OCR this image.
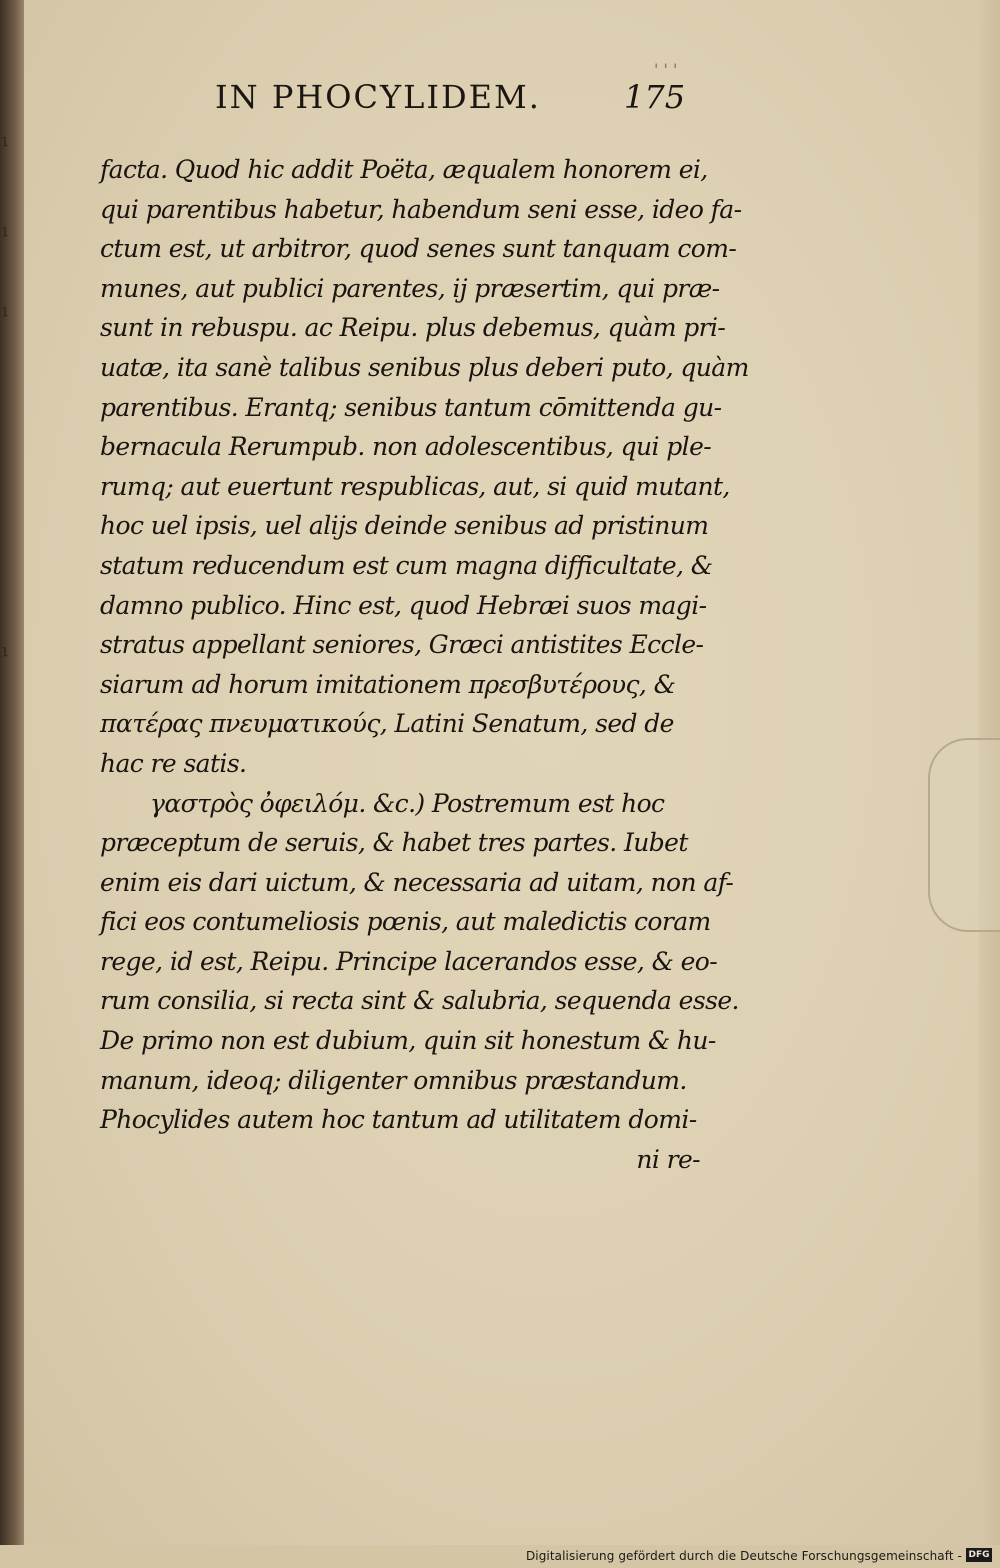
ı
ı
ı
ı
' ' '
IN PHOCYLIDEM.	175
facta. Quod hic addit Poëta, æqualem honorem ei,
qui parentibus habetur, habendum seni esse, ideo fa-
ctum est, ut arbitror, quod senes sunt tanquam com-
munes, aut publici parentes, ij præsertim, qui præ-
sunt in rebuspu. ac Reipu. plus debemus, quàm pri-
uatæ, ita sanè talibus senibus plus deberi puto, quàm
parentibus. Erantq; senibus tantum cōmittenda gu-
bernacula Rerumpub. non adolescentibus, qui ple-
rumq; aut euertunt respublicas, aut, si quid mutant,
hoc uel ipsis, uel alijs deinde senibus ad pristinum
statum reducendum est cum magna difficultate, &
damno publico. Hinc est, quod Hebræi suos magi-
stratus appellant seniores, Græci antistites Eccle-
siarum ad horum imitationem πρεσβυτέρους, &
πατέρας πνευματικούς, Latini Senatum, sed de
hac re satis.
γαστρὸς ὀφειλόμ. &c.) Postremum est hoc
præceptum de seruis, & habet tres partes. Iubet
enim eis dari uictum, & necessaria ad uitam, non af-
fici eos contumeliosis pœnis, aut maledictis coram
rege, id est, Reipu. Principe lacerandos esse, & eo-
rum consilia, si recta sint & salubria, sequenda esse.
De primo non est dubium, quin sit honestum & hu-
manum, ideoq; diligenter omnibus præstandum.
Phocylides autem hoc tantum ad utilitatem domi-
ni re-
Digitalisierung gefördert durch die Deutsche Forschungsgemeinschaft - DFG
